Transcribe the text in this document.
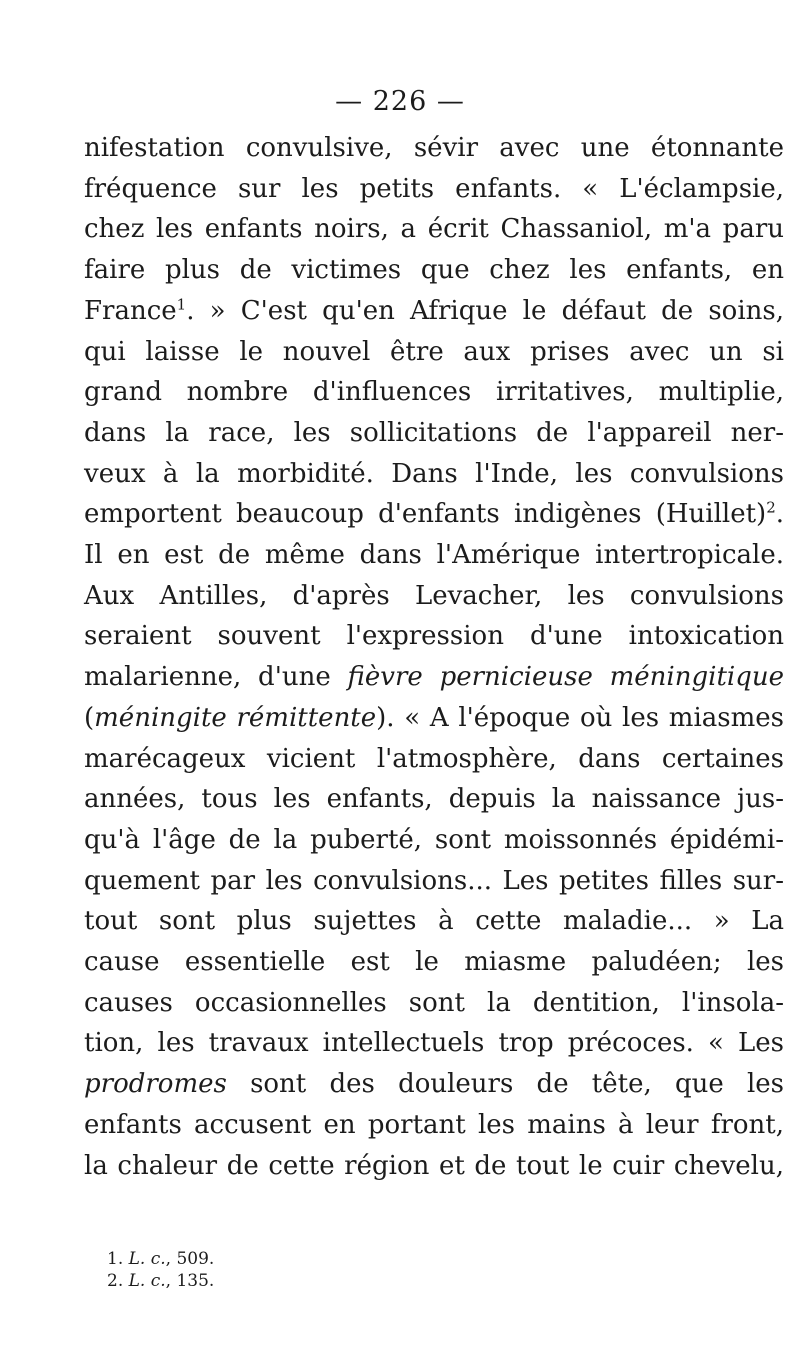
— 226 —
nifestation convulsive, sévir avec une étonnante
fréquence sur les petits enfants. « L'éclampsie,
chez les enfants noirs, a écrit Chassaniol, m'a paru
faire plus de victimes que chez les enfants, en
France$^1$. » C'est qu'en Afrique le défaut de soins,
qui laisse le nouvel être aux prises avec un si
grand nombre d'influences irritatives, multiplie,
dans la race, les sollicitations de l'appareil ner-
veux à la morbidité. Dans l'Inde, les convulsions
emportent beaucoup d'enfants indigènes (Huillet)$^2$.
Il en est de même dans l'Amérique intertropicale.
Aux Antilles, d'après Levacher, les convulsions
seraient souvent l'expression d'une intoxication
malarienne, d'une fièvre pernicieuse méningitique
(méningite rémittente). « A l'époque où les miasmes
marécageux vicient l'atmosphère, dans certaines
années, tous les enfants, depuis la naissance jus-
qu'à l'âge de la puberté, sont moissonnés épidémi-
quement par les convulsions... Les petites filles sur-
tout sont plus sujettes à cette maladie... » La
cause essentielle est le miasme paludéen; les
causes occasionnelles sont la dentition, l'insola-
tion, les travaux intellectuels trop précoces. « Les
prodromes sont des douleurs de tête, que les
enfants accusent en portant les mains à leur front,
la chaleur de cette région et de tout le cuir chevelu,
1. L. c., 509.
2. L. c., 135.
